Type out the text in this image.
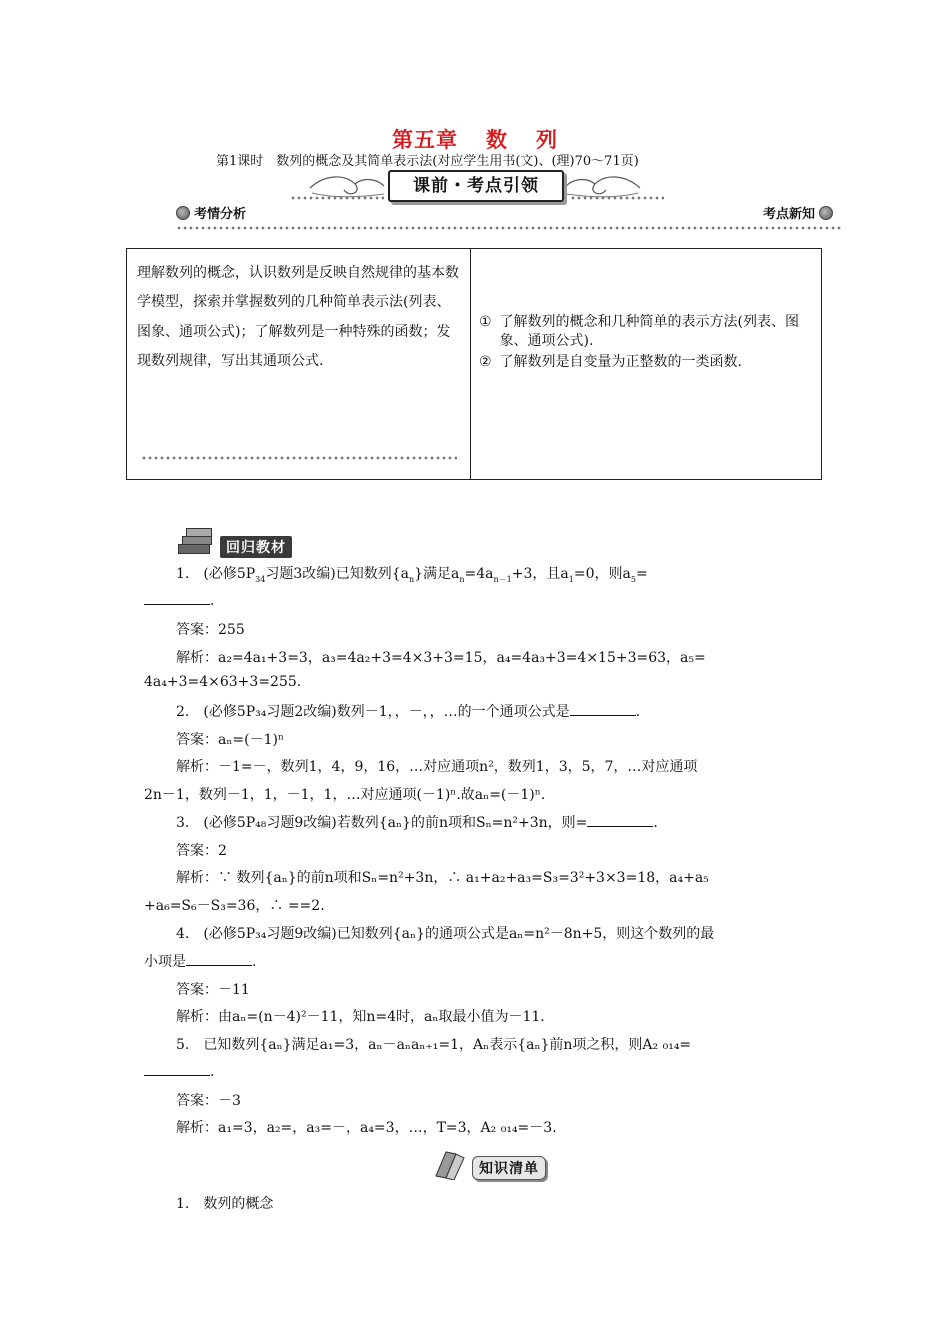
第五章 数 列
第1课时　数列的概念及其简单表示法(对应学生用书(文)、(理)70～71页)
课前・考点引领
考情分析	考点新知
理解数列的概念，认识数列是反映自然规律的基本数学模型，探索并掌握数列的几种简单表示法(列表、图象、通项公式)；了解数列是一种特殊的函数；发现数列规律，写出其通项公式.
① 了解数列的概念和几种简单的表示方法(列表、图象、通项公式).
② 了解数列是自变量为正整数的一类函数.
回归教材
1.　(必修$5P_{34}$习题3改编)已知数列$\{a_n\}$满足$a_n=4a_{n-1}+3$，且$a_1=0$，则$a_5=$
.
答案：255
解析：a₂=4a₁+3=3，a₃=4a₂+3=4×3+3=15，a₄=4a₃+3=4×15+3=63，a₅=
4a₄+3=4×63+3=255.
2.　(必修5P₃₄习题2改编)数列－1，，－，，…的一个通项公式是	.
答案：aₙ=(－1)ⁿ
解析：－1=－，数列1，4，9，16，…对应通项n²，数列1，3，5，7，…对应通项
2n－1，数列－1，1，－1，1，…对应通项(－1)ⁿ.故aₙ=(－1)ⁿ.
3.　(必修5P₄₈习题9改编)若数列{aₙ}的前n项和Sₙ=n²+3n，则=	.
答案：2
解析：∵ 数列{aₙ}的前n项和Sₙ=n²+3n，∴ a₁+a₂+a₃=S₃=3²+3×3=18，a₄+a₅
+a₆=S₆－S₃=36，∴ ==2.
4.　(必修5P₃₄习题9改编)已知数列{aₙ}的通项公式是aₙ=n²－8n+5，则这个数列的最
小项是	.
答案：－11
解析：由aₙ=(n－4)²－11，知n=4时，aₙ取最小值为－11.
5.　已知数列{aₙ}满足a₁=3，aₙ－aₙaₙ₊₁=1，Aₙ表示{aₙ}前n项之积，则A₂ ₀₁₄=
.
答案：－3
解析：a₁=3，a₂=，a₃=－，a₄=3，…，T=3，A₂ ₀₁₄=－3.
知识清单
1.　数列的概念
